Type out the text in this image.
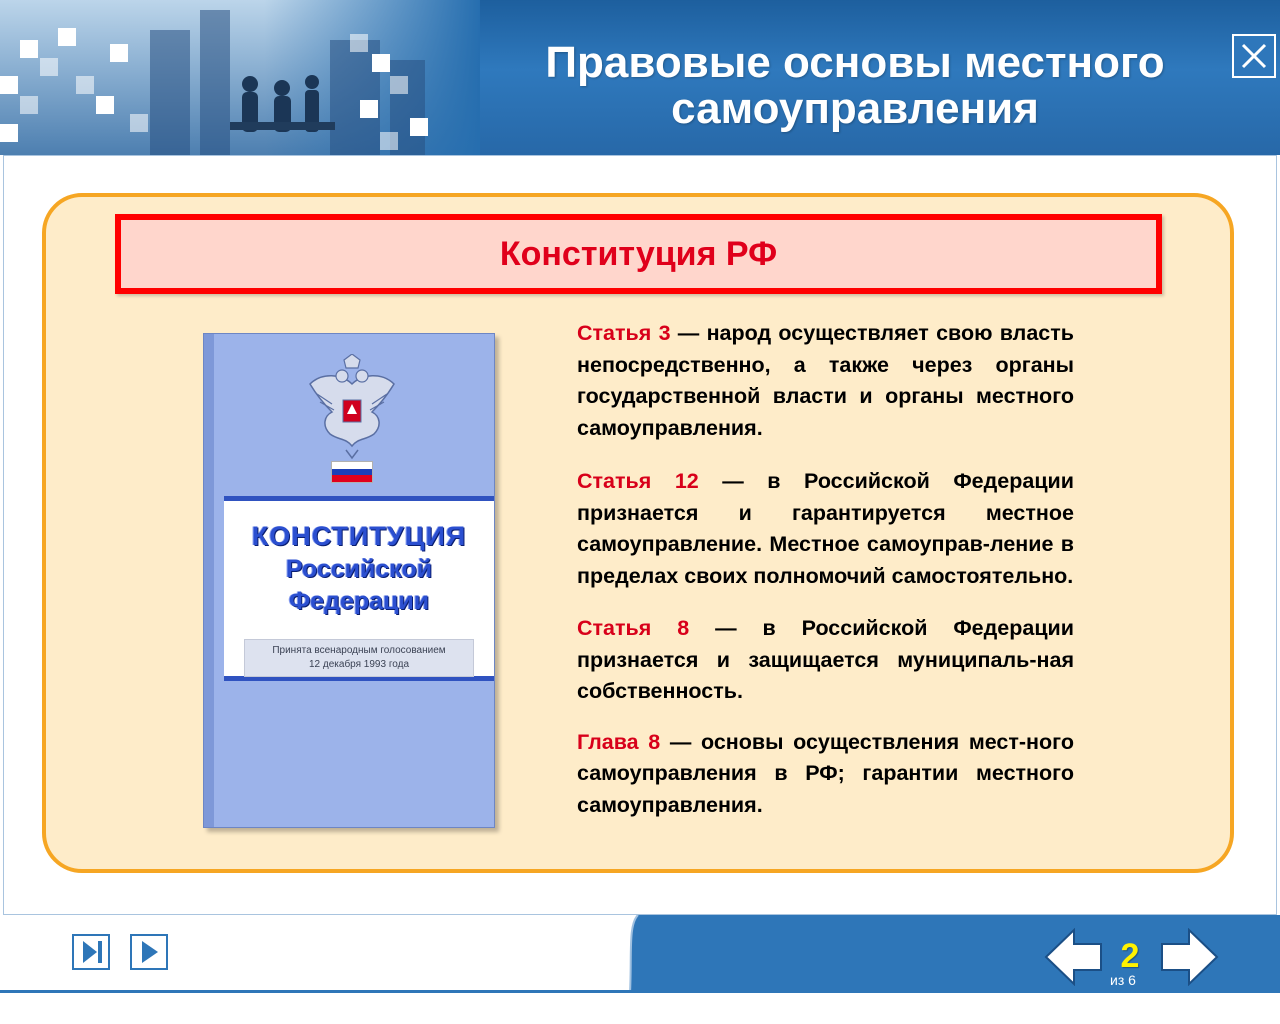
Правовые основы местного самоуправления
Конституция РФ
КОНСТИТУЦИЯ
Российской
Федерации
Принята всенародным голосованием
12 декабря 1993 года

Статья 3 — народ осуществляет свою власть непосредственно, а также через органы государственной власти и органы местного самоуправления.

Статья 12 — в Российской Федерации признается и гарантируется местное самоуправление. Местное самоуправ-ление в пределах своих полномочий самостоятельно.

Статья 8 — в Российской Федерации признается и защищается муниципаль-ная собственность.

Глава 8 — основы осуществления мест-ного самоуправления в РФ; гарантии местного самоуправления.

2
из 6
